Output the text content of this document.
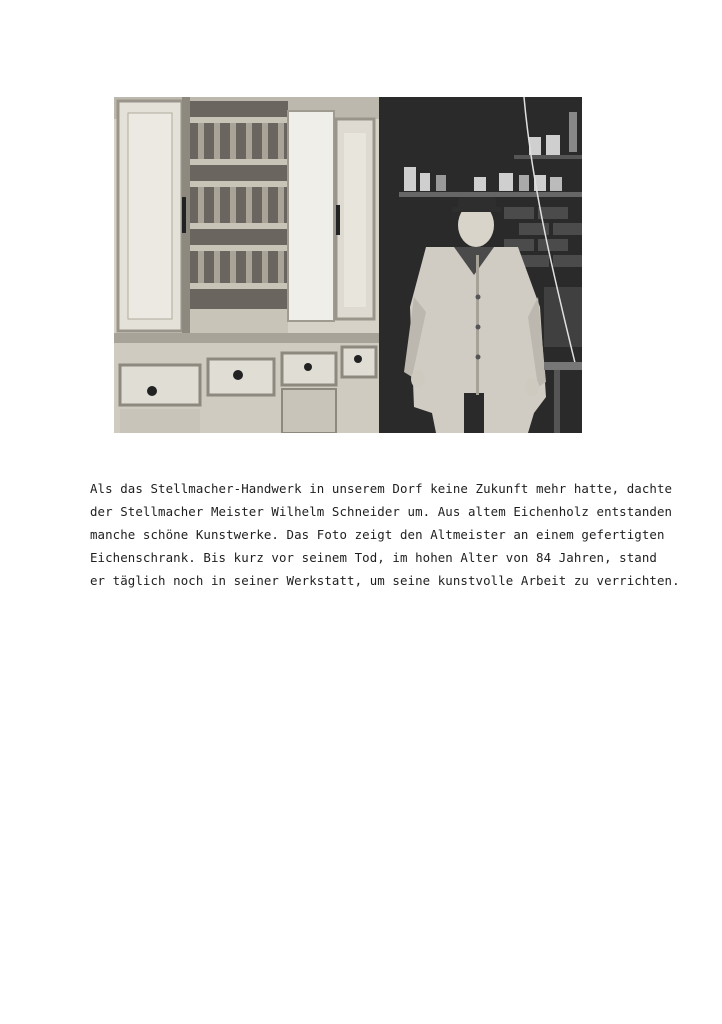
Als das Stellmacher-Handwerk in unserem Dorf keine Zukunft mehr hatte, dachte
der Stellmacher Meister Wilhelm Schneider um. Aus altem Eichenholz entstanden
manche schöne Kunstwerke. Das Foto zeigt den Altmeister an einem gefertigten
Eichenschrank. Bis kurz vor seinem Tod, im hohen Alter von 84 Jahren, stand
er täglich noch in seiner Werkstatt, um seine kunstvolle Arbeit zu verrichten.
